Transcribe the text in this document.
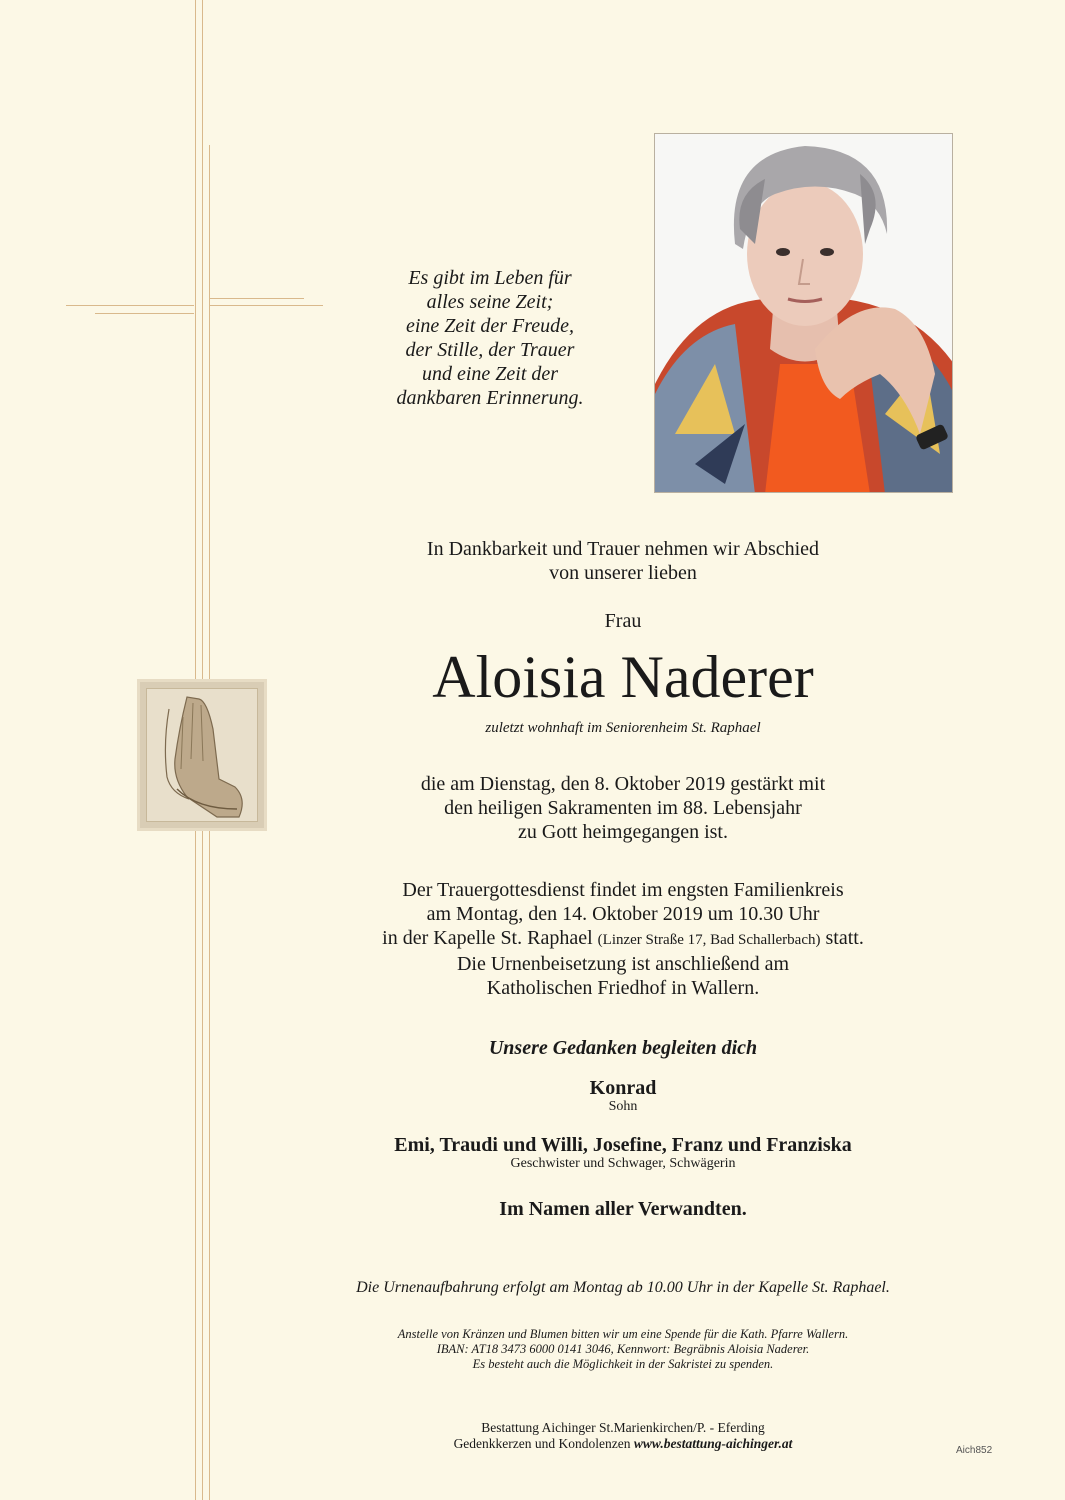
Es gibt im Leben für
alles seine Zeit;
eine Zeit der Freude,
der Stille, der Trauer
und eine Zeit der
dankbaren Erinnerung.
In Dankbarkeit und Trauer nehmen wir Abschied
von unserer lieben
Frau
Aloisia Naderer
zuletzt wohnhaft im Seniorenheim St. Raphael
die am Dienstag, den 8. Oktober 2019 gestärkt mit
den heiligen Sakramenten im 88. Lebensjahr
zu Gott heimgegangen ist.
Der Trauergottesdienst findet im engsten Familienkreis
am Montag, den 14. Oktober 2019 um 10.30 Uhr
in der Kapelle St. Raphael (Linzer Straße 17, Bad Schallerbach) statt.
Die Urnenbeisetzung ist anschließend am
Katholischen Friedhof in Wallern.
Unsere Gedanken begleiten dich
Konrad
Sohn
Emi, Traudi und Willi, Josefine, Franz und Franziska
Geschwister und Schwager, Schwägerin
Im Namen aller Verwandten.
Die Urnenaufbahrung erfolgt am Montag ab 10.00 Uhr in der Kapelle St. Raphael.
Anstelle von Kränzen und Blumen bitten wir um eine Spende für die Kath. Pfarre Wallern.
IBAN: AT18 3473 6000 0141 3046, Kennwort: Begräbnis Aloisia Naderer.
Es besteht auch die Möglichkeit in der Sakristei zu spenden.
Bestattung Aichinger St.Marienkirchen/P. - Eferding
Gedenkkerzen und Kondolenzen www.bestattung-aichinger.at	Aich852
